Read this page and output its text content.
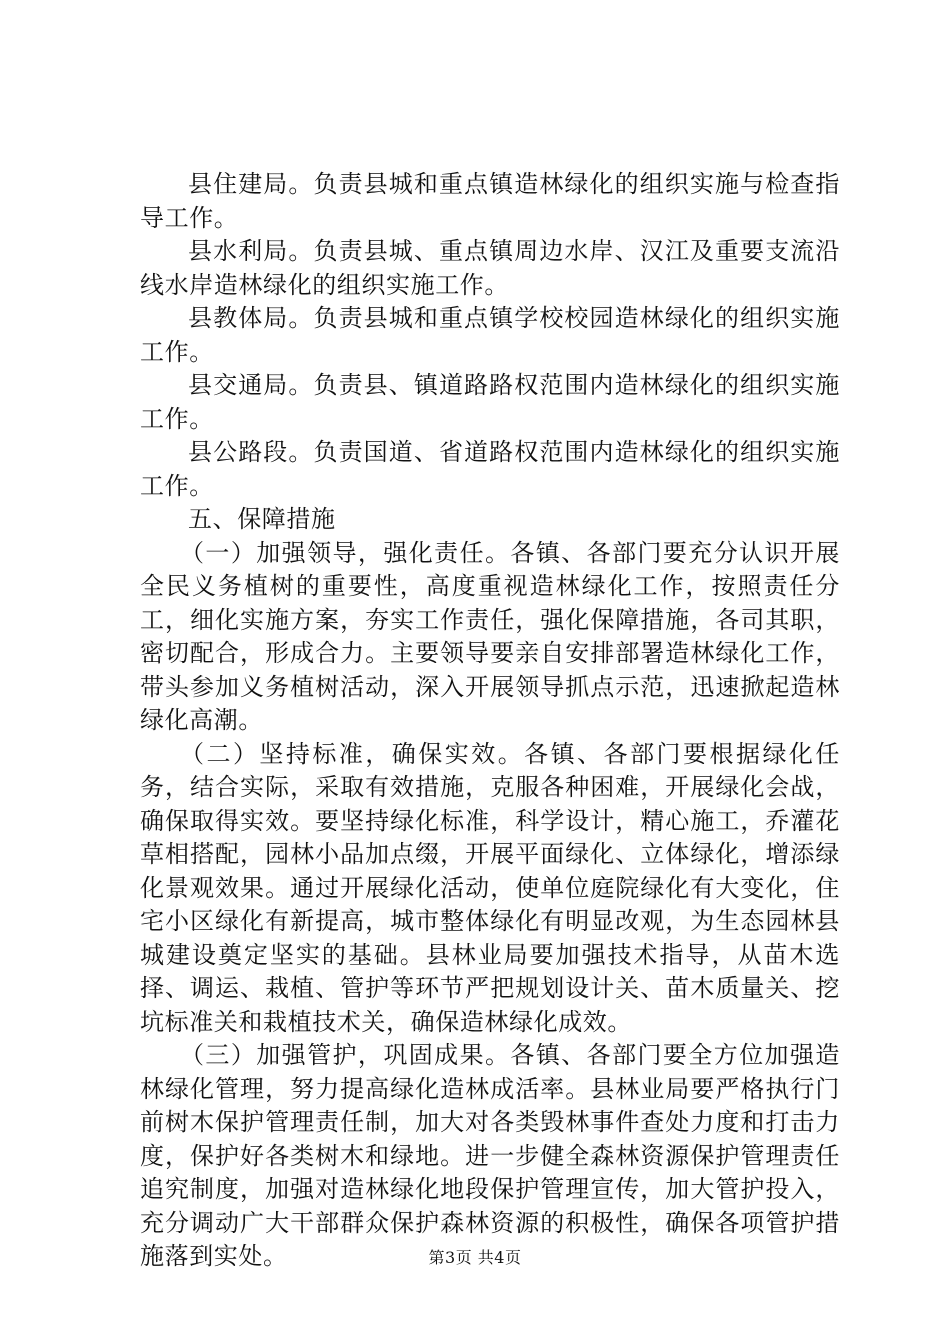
县住建局。负责县城和重点镇造林绿化的组织实施与检查指导工作。

县水利局。负责县城、重点镇周边水岸、汉江及重要支流沿线水岸造林绿化的组织实施工作。

县教体局。负责县城和重点镇学校校园造林绿化的组织实施工作。

县交通局。负责县、镇道路路权范围内造林绿化的组织实施工作。

县公路段。负责国道、省道路权范围内造林绿化的组织实施工作。

五、保障措施

（一）加强领导，强化责任。各镇、各部门要充分认识开展全民义务植树的重要性，高度重视造林绿化工作，按照责任分工，细化实施方案，夯实工作责任，强化保障措施，各司其职，密切配合，形成合力。主要领导要亲自安排部署造林绿化工作，带头参加义务植树活动，深入开展领导抓点示范，迅速掀起造林绿化高潮。

（二）坚持标准，确保实效。各镇、各部门要根据绿化任务，结合实际，采取有效措施，克服各种困难，开展绿化会战，确保取得实效。要坚持绿化标准，科学设计，精心施工，乔灌花草相搭配，园林小品加点缀，开展平面绿化、立体绿化，增添绿化景观效果。通过开展绿化活动，使单位庭院绿化有大变化，住宅小区绿化有新提高，城市整体绿化有明显改观，为生态园林县城建设奠定坚实的基础。县林业局要加强技术指导，从苗木选择、调运、栽植、管护等环节严把规划设计关、苗木质量关、挖坑标准关和栽植技术关，确保造林绿化成效。

（三）加强管护，巩固成果。各镇、各部门要全方位加强造林绿化管理，努力提高绿化造林成活率。县林业局要严格执行门前树木保护管理责任制，加大对各类毁林事件查处力度和打击力度，保护好各类树木和绿地。进一步健全森林资源保护管理责任追究制度，加强对造林绿化地段保护管理宣传，加大管护投入，充分调动广大干部群众保护森林资源的积极性，确保各项管护措施落到实处。	第3页 共4页
